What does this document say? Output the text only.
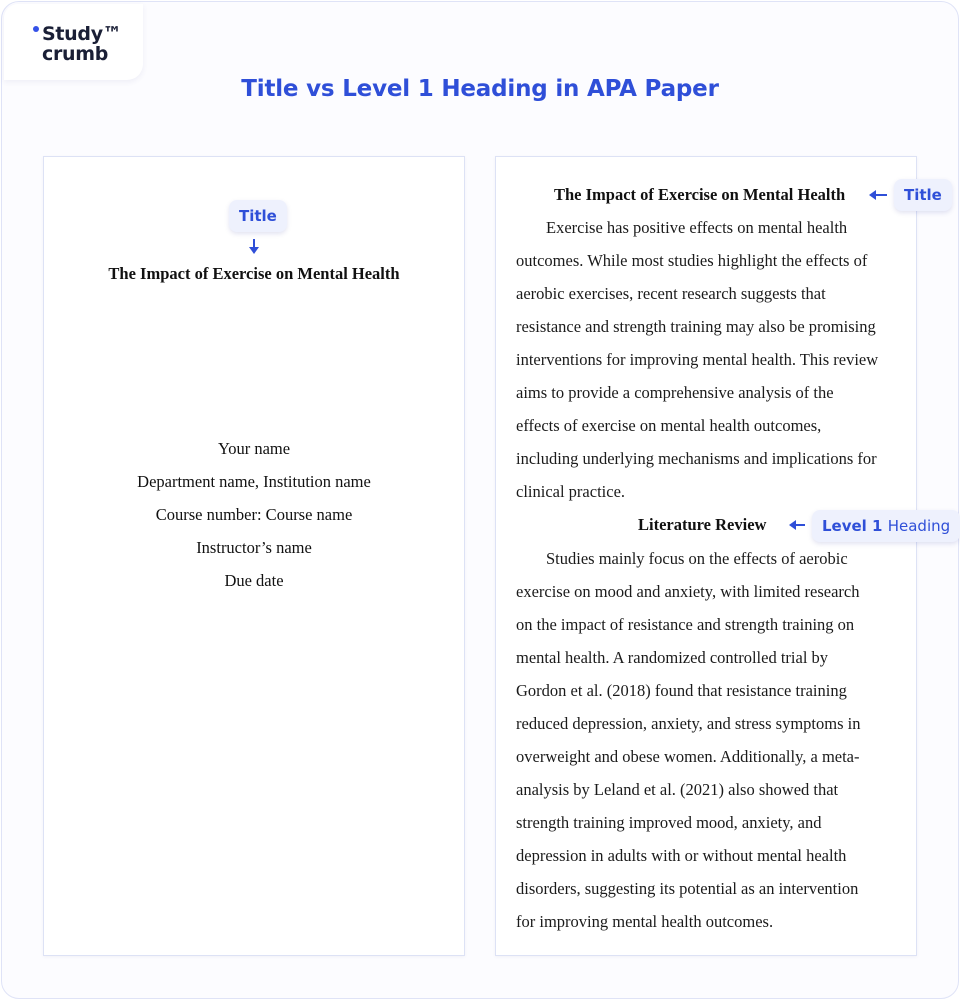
Study™
crumb
Title vs Level 1 Heading in APA Paper
Title
The Impact of Exercise on Mental Health
Your name
Department name, Institution name
Course number: Course name
Instructor’s name
Due date
The Impact of Exercise on Mental Health	Title
Exercise has positive effects on mental health
outcomes. While most studies highlight the effects of
aerobic exercises, recent research suggests that
resistance and strength training may also be promising
interventions for improving mental health. This review
aims to provide a comprehensive analysis of the
effects of exercise on mental health outcomes,
including underlying mechanisms and implications for
clinical practice.
Literature Review	Level 1 Heading
Studies mainly focus on the effects of aerobic
exercise on mood and anxiety, with limited research
on the impact of resistance and strength training on
mental health. A randomized controlled trial by
Gordon et al. (2018) found that resistance training
reduced depression, anxiety, and stress symptoms in
overweight and obese women. Additionally, a meta-
analysis by Leland et al. (2021) also showed that
strength training improved mood, anxiety, and
depression in adults with or without mental health
disorders, suggesting its potential as an intervention
for improving mental health outcomes.
